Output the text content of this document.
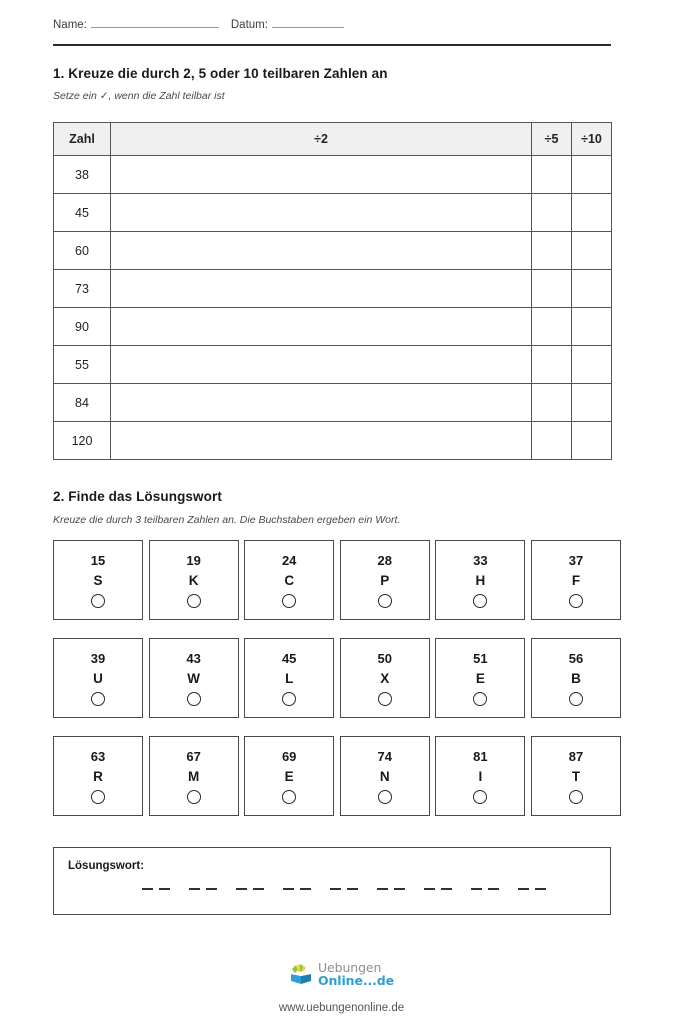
Name:	Datum:
1. Kreuze die durch 2, 5 oder 10 teilbaren Zahlen an
Setze ein ✓, wenn die Zahl teilbar ist
Zahl	÷2	÷5	÷10
38			
45			
60			
73			
90			
55			
84			
120			
2. Finde das Lösungswort
Kreuze die durch 3 teilbaren Zahlen an. Die Buchstaben ergeben ein Wort.
15
S
19
K
24
C
28
P
33
H
37
F
39
U
43
W
45
L
50
X
51
E
56
B
63
R
67
M
69
E
74
N
81
I
87
T
Lösungswort:
Uebungen
Online...de
www.uebungenonline.de
